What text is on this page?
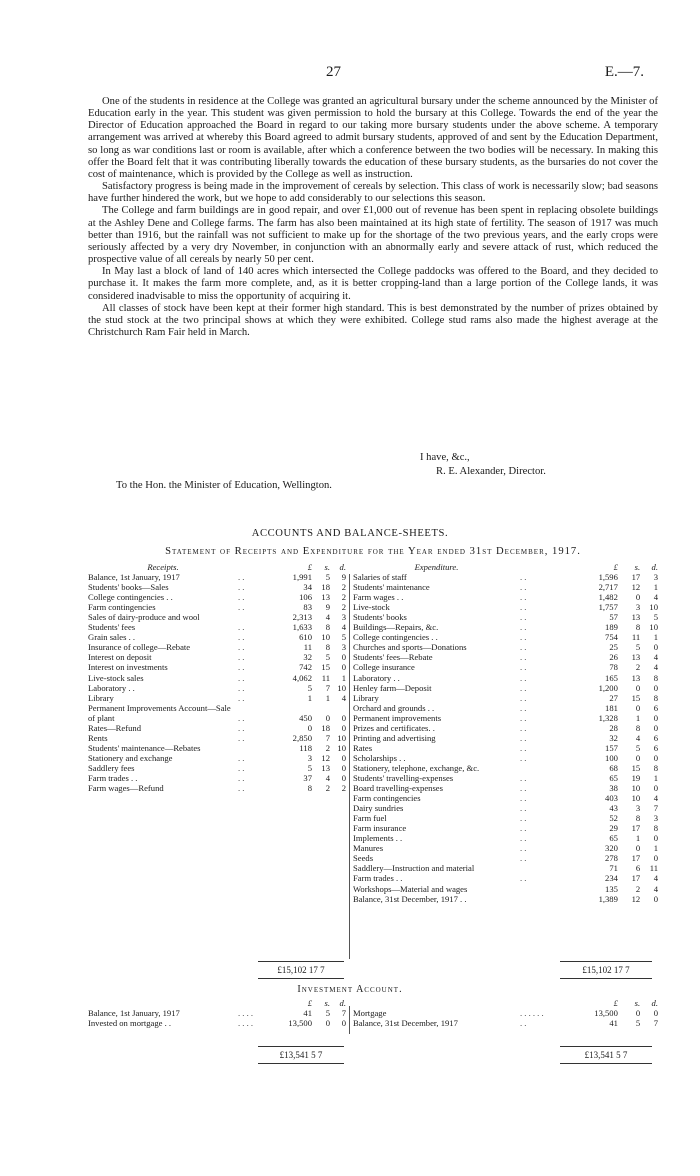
27	E.—7.

One of the students in residence at the College was granted an agricultural bursary under the scheme announced by the Minister of Education early in the year. This student was given permission to hold the bursary at this College. Towards the end of the year the Director of Education approached the Board in regard to our taking more bursary students under the above scheme. A temporary arrangement was arrived at whereby this Board agreed to admit bursary students, approved of and sent by the Education Department, so long as war conditions last or room is available, after which a conference between the two bodies will be necessary. In making this offer the Board felt that it was contributing liberally towards the education of these bursary students, as the bursaries do not cover the cost of maintenance, which is provided by the College as well as instruction.

Satisfactory progress is being made in the improvement of cereals by selection. This class of work is necessarily slow; bad seasons have further hindered the work, but we hope to add considerably to our selections this season.

The College and farm buildings are in good repair, and over £1,000 out of revenue has been spent in replacing obsolete buildings at the Ashley Dene and College farms. The farm has also been maintained at its high state of fertility. The season of 1917 was much better than 1916, but the rainfall was not sufficient to make up for the shortage of the two previous years, and the early crops were seriously affected by a very dry November, in conjunction with an abnormally early and severe attack of rust, which reduced the prospective value of all cereals by nearly 50 per cent.

In May last a block of land of 140 acres which intersected the College paddocks was offered to the Board, and they decided to purchase it. It makes the farm more complete, and, as it is better cropping-land than a large portion of the College lands, it was considered inadvisable to miss the opportunity of acquiring it.

All classes of stock have been kept at their former high standard. This is best demonstrated by the number of prizes obtained by the stud stock at the two principal shows at which they were exhibited. College stud rams also made the highest average at the Christchurch Ram Fair held in March.

I have, &c.,
R. E. Alexander, Director.
To the Hon. the Minister of Education, Wellington.
ACCOUNTS AND BALANCE-SHEETS.
Statement of Receipts and Expenditure for the Year ended 31st December, 1917.
Receipts.		£	s.	d.
Balance, 1st January, 1917	. .	1,991	5	9
Students' books—Sales	. .	34	18	2
College contingencies . .	. .	106	13	2
Farm contingencies	. .	83	9	2
Sales of dairy-produce and wool		2,313	4	3
Students' fees	. .	1,633	8	4
Grain sales . .	. .	610	10	5
Insurance of college—Rebate	. .	11	8	3
Interest on deposit	. .	32	5	0
Interest on investments	. .	742	15	0
Live-stock sales	. .	4,062	11	1
Laboratory . .	. .	5	7	10
Library	. .	1	1	4
Permanent Improvements Account—Sale				
of plant	. .	450	0	0
Rates—Refund	. .	0	18	0
Rents	. .	2,850	7	10
Students' maintenance—Rebates		118	2	10
Stationery and exchange	. .	3	12	0
Saddlery fees	. .	5	13	0
Farm trades . .	. .	37	4	0
Farm wages—Refund	. .	8	2	2
Expenditure.		£	s.	d.
Salaries of staff	. .	1,596	17	3
Students' maintenance	. .	2,717	12	1
Farm wages . .	. .	1,482	0	4
Live-stock	. .	1,757	3	10
Students' books	. .	57	13	5
Buildings—Repairs, &c.	. .	189	8	10
College contingencies . .	. .	754	11	1
Churches and sports—Donations	. .	25	5	0
Students' fees—Rebate	. .	26	13	4
College insurance	. .	78	2	4
Laboratory . .	. .	165	13	8
Henley farm—Deposit	. .	1,200	0	0
Library	. .	27	15	8
Orchard and grounds . .	. .	181	0	6
Permanent improvements	. .	1,328	1	0
Prizes and certificates. .	. .	28	8	0
Printing and advertising	. .	32	4	6
Rates	. .	157	5	6
Scholarships . .	. .	100	0	0
Stationery, telephone, exchange, &c.		68	15	8
Students' travelling-expenses	. .	65	19	1
Board travelling-expenses	. .	38	10	0
Farm contingencies	. .	403	10	4
Dairy sundries	. .	43	3	7
Farm fuel	. .	52	8	3
Farm insurance	. .	29	17	8
Implements . .	. .	65	1	0
Manures	. .	320	0	1
Seeds	. .	278	17	0
Saddlery—Instruction and material		71	6	11
Farm trades . .	. .	234	17	4
Workshops—Material and wages		135	2	4
Balance, 31st December, 1917 . .		1,389	12	0
£15,102 17 7	£15,102 17 7
Investment Account.
		£	s.	d.
Balance, 1st January, 1917	. . . .	41	5	7
Invested on mortgage . .	. . . .	13,500	0	0
		£	s.	d.
Mortgage	. . . . . .	13,500	0	0
Balance, 31st December, 1917	. .	41	5	7
£13,541 5 7	£13,541 5 7
